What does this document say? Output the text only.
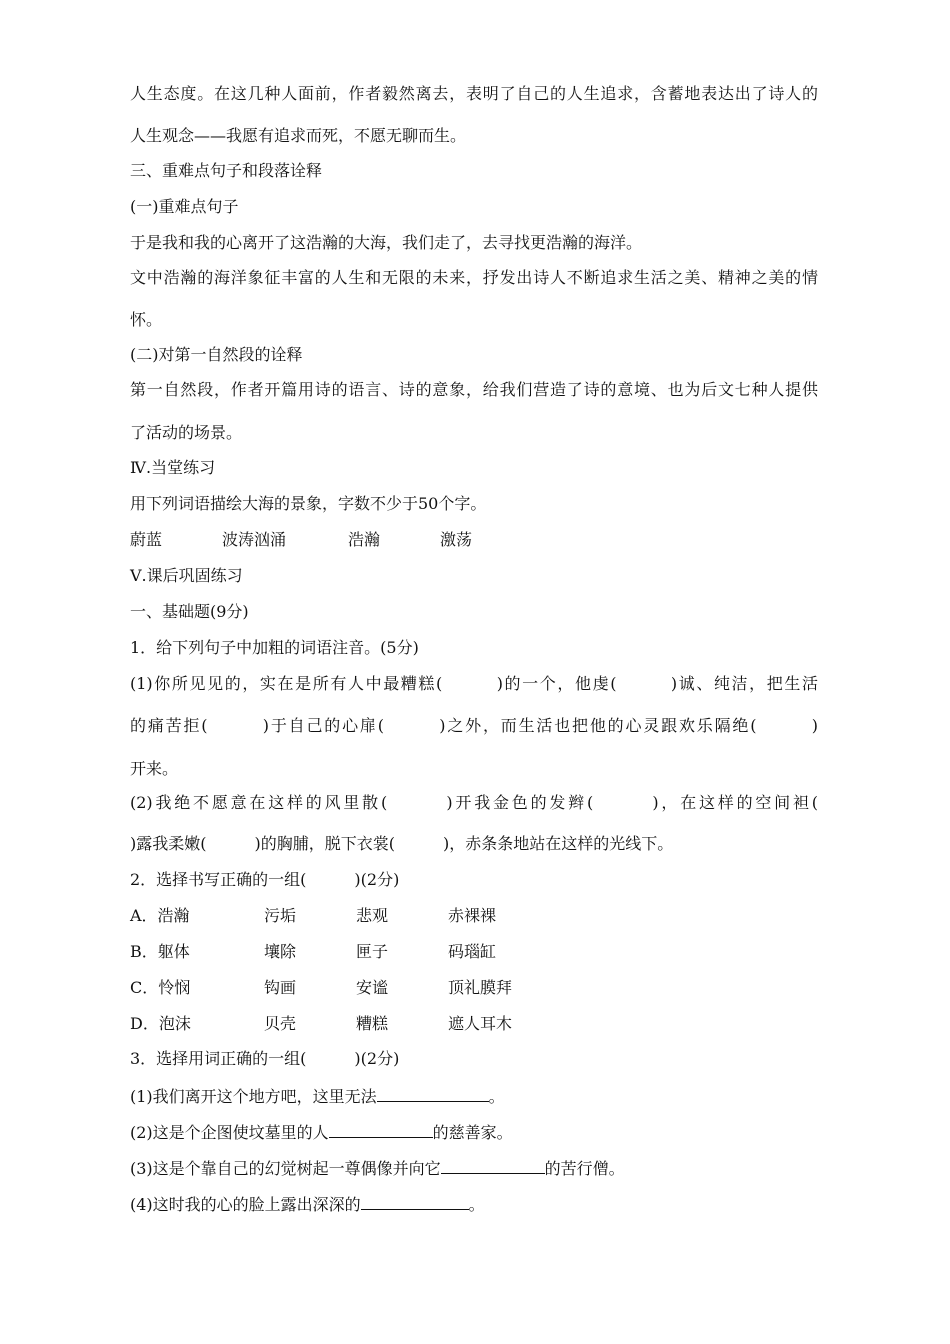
人生态度。在这几种人面前，作者毅然离去，表明了自己的人生追求，含蓄地表达出了诗人的

人生观念——我愿有追求而死，不愿无聊而生。

三、重难点句子和段落诠释

(一)重难点句子

于是我和我的心离开了这浩瀚的大海，我们走了，去寻找更浩瀚的海洋。

文中浩瀚的海洋象征丰富的人生和无限的未来，抒发出诗人不断追求生活之美、精神之美的情

怀。

(二)对第一自然段的诠释

第一自然段，作者开篇用诗的语言、诗的意象，给我们营造了诗的意境、也为后文七种人提供

了活动的场景。

Ⅳ.当堂练习

用下列词语描绘大海的景象，字数不少于50个字。

蔚蓝	波涛汹涌	浩瀚	激荡

Ⅴ.课后巩固练习

一、基础题(9分)

1．给下列句子中加粗的词语注音。(5分)

(1)你所见见的，实在是所有人中最糟糕(　　　)的一个，他虔(　　　)诚、纯洁，把生活

的痛苦拒(　　　)于自己的心扉(　　　)之外，而生活也把他的心灵跟欢乐隔绝(　　　)

开来。

(2)我绝不愿意在这样的风里散(　　　)开我金色的发辫(　　　)，在这样的空间袒(

)露我柔嫩(　　　)的胸脯，脱下衣裳(　　　)，赤条条地站在这样的光线下。

2．选择书写正确的一组(　　　)(2分)

A．浩瀚	污垢	悲观	赤裸裸
B．躯体	壤除	匣子	码瑙缸
C．怜悯	钩画	安谧	顶礼膜拜
D．泡沫	贝壳	糟糕	遮人耳木

3．选择用词正确的一组(　　　)(2分)

(1)我们离开这个地方吧，这里无法	。

(2)这是个企图使坟墓里的人	的慈善家。

(3)这是个靠自己的幻觉树起一尊偶像并向它	的苦行僧。

(4)这时我的心的脸上露出深深的	。
